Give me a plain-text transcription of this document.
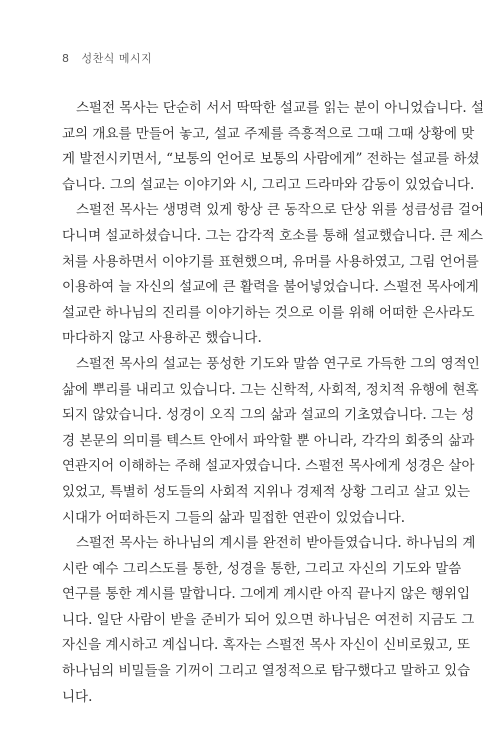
8 성찬식 메시지
스펄전 목사는 단순히 서서 딱딱한 설교를 읽는 분이 아니었습니다. 설
교의 개요를 만들어 놓고, 설교 주제를 즉흥적으로 그때 그때 상황에 맞
게 발전시키면서, “보통의 언어로 보통의 사람에게” 전하는 설교를 하셨
습니다. 그의 설교는 이야기와 시, 그리고 드라마와 감동이 있었습니다.
스펄전 목사는 생명력 있게 항상 큰 동작으로 단상 위를 성큼성큼 걸어
다니며 설교하셨습니다. 그는 감각적 호소를 통해 설교했습니다. 큰 제스
처를 사용하면서 이야기를 표현했으며, 유머를 사용하였고, 그림 언어를
이용하여 늘 자신의 설교에 큰 활력을 불어넣었습니다. 스펄전 목사에게
설교란 하나님의 진리를 이야기하는 것으로 이를 위해 어떠한 은사라도
마다하지 않고 사용하곤 했습니다.
스펄전 목사의 설교는 풍성한 기도와 말씀 연구로 가득한 그의 영적인
삶에 뿌리를 내리고 있습니다. 그는 신학적, 사회적, 정치적 유행에 현혹
되지 않았습니다. 성경이 오직 그의 삶과 설교의 기초였습니다. 그는 성
경 본문의 의미를 텍스트 안에서 파악할 뿐 아니라, 각각의 회중의 삶과
연관지어 이해하는 주해 설교자였습니다. 스펄전 목사에게 성경은 살아
있었고, 특별히 성도들의 사회적 지위나 경제적 상황 그리고 살고 있는
시대가 어떠하든지 그들의 삶과 밀접한 연관이 있었습니다.
스펄전 목사는 하나님의 계시를 완전히 받아들였습니다. 하나님의 계
시란 예수 그리스도를 통한, 성경을 통한, 그리고 자신의 기도와 말씀
연구를 통한 계시를 말합니다. 그에게 계시란 아직 끝나지 않은 행위입
니다. 일단 사람이 받을 준비가 되어 있으면 하나님은 여전히 지금도 그
자신을 계시하고 계십니다. 혹자는 스펄전 목사 자신이 신비로웠고, 또
하나님의 비밀들을 기꺼이 그리고 열정적으로 탐구했다고 말하고 있습
니다.
